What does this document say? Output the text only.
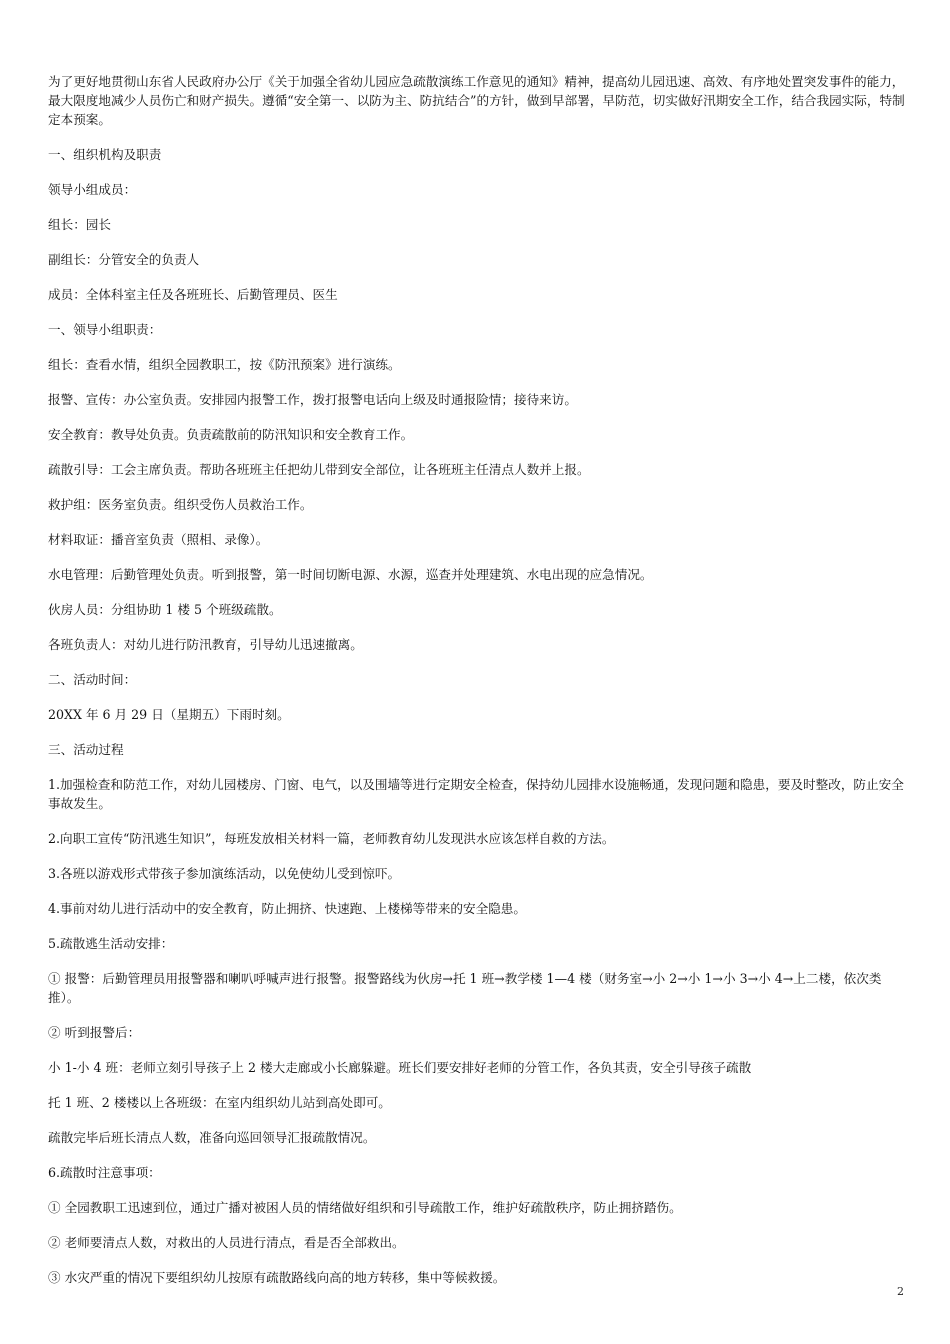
为了更好地贯彻山东省人民政府办公厅《关于加强全省幼儿园应急疏散演练工作意见的通知》精神，提高幼儿园迅速、高效、有序地处置突发事件的能力，最大限度地减少人员伤亡和财产损失。遵循“安全第一、以防为主、防抗结合”的方针，做到早部署，早防范，切实做好汛期安全工作，结合我园实际，特制定本预案。

一、组织机构及职责

领导小组成员：

组长：园长

副组长：分管安全的负责人

成员：全体科室主任及各班班长、后勤管理员、医生

一、领导小组职责：

组长：查看水情，组织全园教职工，按《防汛预案》进行演练。

报警、宣传：办公室负责。安排园内报警工作，拨打报警电话向上级及时通报险情；接待来访。

安全教育：教导处负责。负责疏散前的防汛知识和安全教育工作。

疏散引导：工会主席负责。帮助各班班主任把幼儿带到安全部位，让各班班主任清点人数并上报。

救护组：医务室负责。组织受伤人员救治工作。

材料取证：播音室负责（照相、录像）。

水电管理：后勤管理处负责。听到报警，第一时间切断电源、水源，巡查并处理建筑、水电出现的应急情况。

伙房人员：分组协助 1 楼 5 个班级疏散。

各班负责人：对幼儿进行防汛教育，引导幼儿迅速撤离。

二、活动时间：

20XX 年 6 月 29 日（星期五）下雨时刻。

三、活动过程

1.加强检查和防范工作，对幼儿园楼房、门窗、电气，以及围墙等进行定期安全检查，保持幼儿园排水设施畅通，发现问题和隐患，要及时整改，防止安全事故发生。

2.向职工宣传“防汛逃生知识”，每班发放相关材料一篇，老师教育幼儿发现洪水应该怎样自救的方法。

3.各班以游戏形式带孩子参加演练活动，以免使幼儿受到惊吓。

4.事前对幼儿进行活动中的安全教育，防止拥挤、快速跑、上楼梯等带来的安全隐患。

5.疏散逃生活动安排：

① 报警：后勤管理员用报警器和喇叭呼喊声进行报警。报警路线为伙房→托 1 班→教学楼 1—4 楼（财务室→小 2→小 1→小 3→小 4→上二楼，依次类推）。

② 听到报警后：

小 1-小 4 班：老师立刻引导孩子上 2 楼大走廊或小长廊躲避。班长们要安排好老师的分管工作，各负其责，安全引导孩子疏散

托 1 班、2 楼楼以上各班级：在室内组织幼儿站到高处即可。

疏散完毕后班长清点人数，准备向巡回领导汇报疏散情况。

6.疏散时注意事项：

① 全园教职工迅速到位，通过广播对被困人员的情绪做好组织和引导疏散工作，维护好疏散秩序，防止拥挤踏伤。

② 老师要清点人数，对救出的人员进行清点，看是否全部救出。

③ 水灾严重的情况下要组织幼儿按原有疏散路线向高的地方转移，集中等候救援。

2
